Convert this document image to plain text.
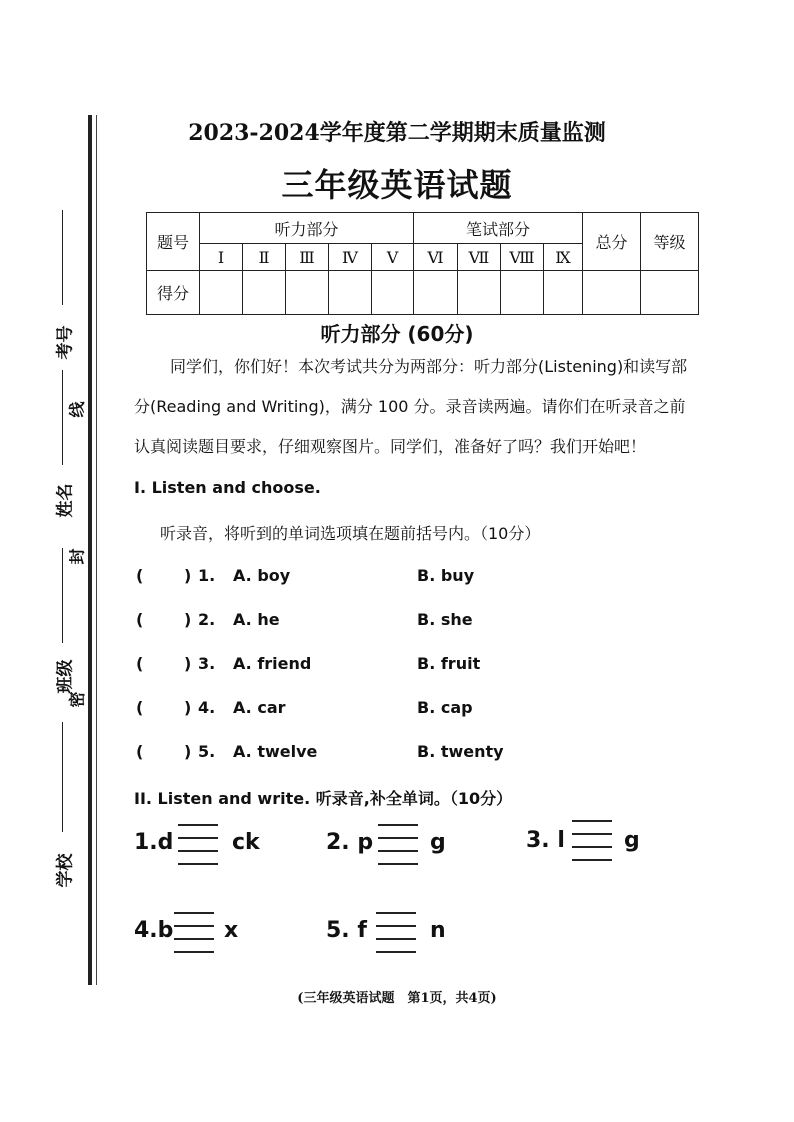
考号
线
姓名
封
班级
密
学校
2023-2024学年度第二学期期末质量监测
三年级英语试题
题号	听力部分					笔试部分				总分	等级
	Ⅰ	Ⅱ	Ⅲ	Ⅳ	Ⅴ	Ⅵ	Ⅶ	Ⅷ	Ⅸ		
得分											
听力部分 (60分)
同学们，你们好！本次考试共分为两部分：听力部分(Listening)和读写部
分(Reading and Writing)，满分 100 分。录音读两遍。请你们在听录音之前
认真阅读题目要求，仔细观察图片。同学们，准备好了吗？我们开始吧！
I. Listen and choose.
听录音，将听到的单词选项填在题前括号内。（10分）
(	) 1. A. boy	B. buy
(	) 2. A. he	B. she
(	) 3. A. friend	B. fruit
(	) 4. A. car	B. cap
(	) 5. A. twelve	B. twenty
II. Listen and write. 听录音,补全单词。（10分）
1.d	ck	2. p	g	3. l	g
4.b x	5. f	n
(三年级英语试题　第1页，共4页)
